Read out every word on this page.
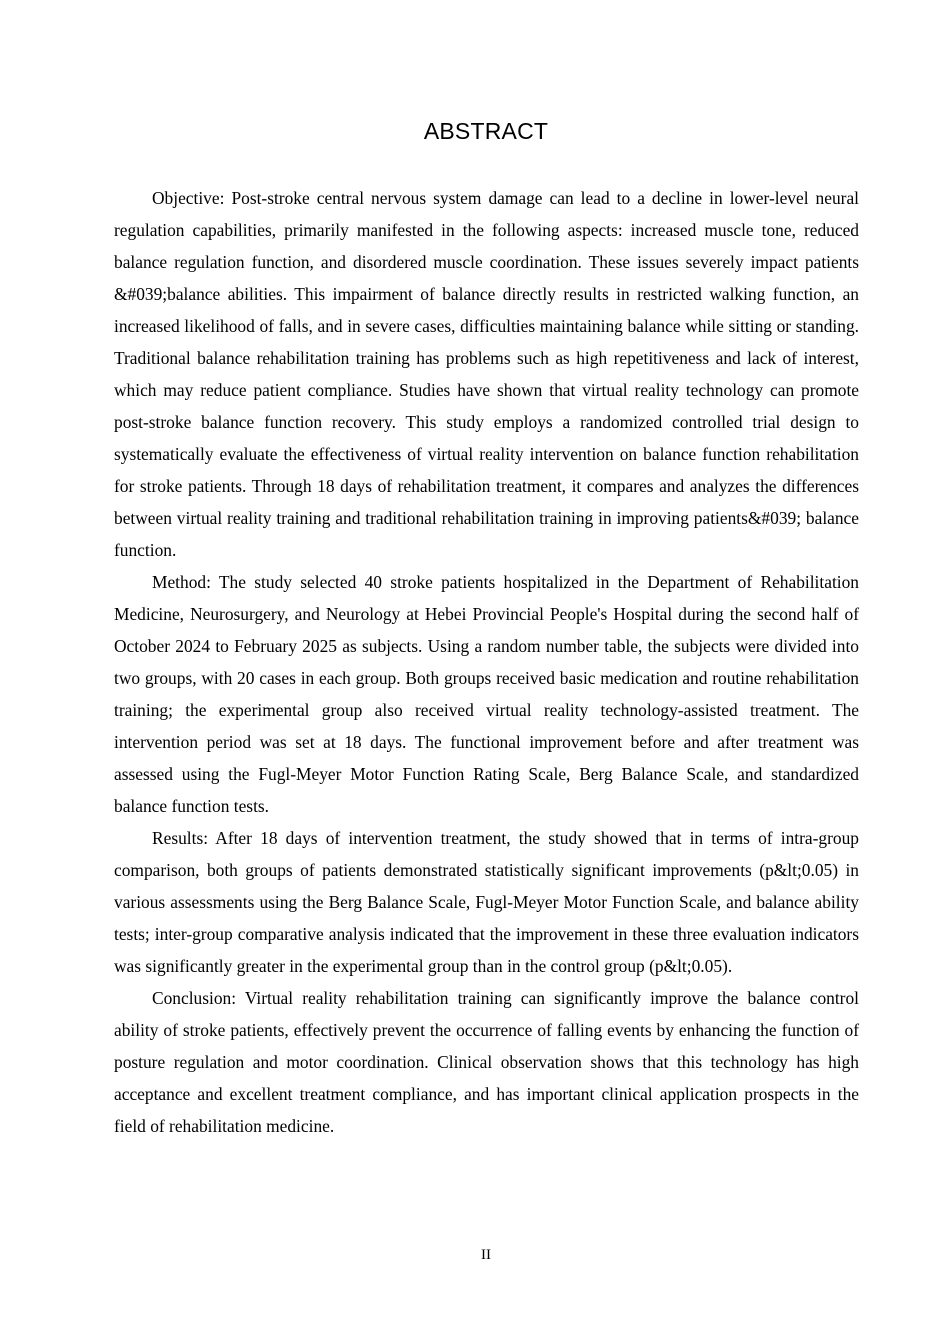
ABSTRACT

Objective: Post-stroke central nervous system damage can lead to a decline in lower-level neural regulation capabilities, primarily manifested in the following aspects: increased muscle tone, reduced balance regulation function, and disordered muscle coordination. These issues severely impact patients &#039;balance abilities. This impairment of balance directly results in restricted walking function, an increased likelihood of falls, and in severe cases, difficulties maintaining balance while sitting or standing. Traditional balance rehabilitation training has problems such as high repetitiveness and lack of interest, which may reduce patient compliance. Studies have shown that virtual reality technology can promote post-stroke balance function recovery. This study employs a randomized controlled trial design to systematically evaluate the effectiveness of virtual reality intervention on balance function rehabilitation for stroke patients. Through 18 days of rehabilitation treatment, it compares and analyzes the differences between virtual reality training and traditional rehabilitation training in improving patients&#039; balance function.

Method: The study selected 40 stroke patients hospitalized in the Department of Rehabilitation Medicine, Neurosurgery, and Neurology at Hebei Provincial People's Hospital during the second half of October 2024 to February 2025 as subjects. Using a random number table, the subjects were divided into two groups, with 20 cases in each group. Both groups received basic medication and routine rehabilitation training; the experimental group also received virtual reality technology-assisted treatment. The intervention period was set at 18 days. The functional improvement before and after treatment was assessed using the Fugl-Meyer Motor Function Rating Scale, Berg Balance Scale, and standardized balance function tests.

Results: After 18 days of intervention treatment, the study showed that in terms of intra-group comparison, both groups of patients demonstrated statistically significant improvements (p&lt;0.05) in various assessments using the Berg Balance Scale, Fugl-Meyer Motor Function Scale, and balance ability tests; inter-group comparative analysis indicated that the improvement in these three evaluation indicators was significantly greater in the experimental group than in the control group (p&lt;0.05).

Conclusion: Virtual reality rehabilitation training can significantly improve the balance control ability of stroke patients, effectively prevent the occurrence of falling events by enhancing the function of posture regulation and motor coordination. Clinical observation shows that this technology has high acceptance and excellent treatment compliance, and has important clinical application prospects in the field of rehabilitation medicine.

II
